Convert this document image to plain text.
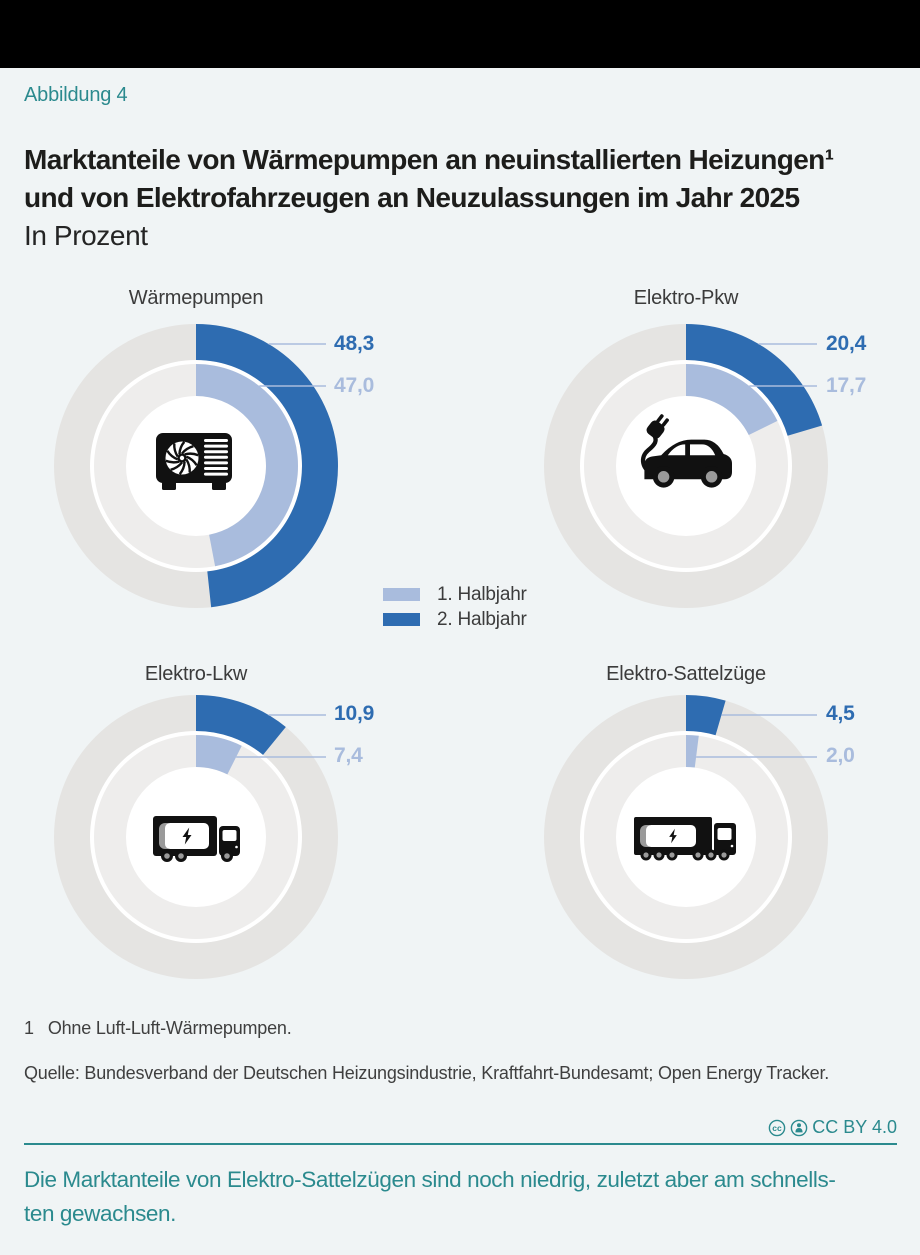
Abbildung 4
Marktanteile von Wärmepumpen an neuinstallierten Heizungen¹
und von Elektrofahrzeugen an Neuzulassungen im Jahr 2025
In Prozent
Wärmepumpen
48,3
47,0
Elektro-Pkw
20,4
17,7
Elektro-Lkw
10,9
7,4
Elektro-Sattelzüge
4,5
2,0
1. Halbjahr
2. Halbjahr
1 Ohne Luft-Luft-Wärmepumpen.
Quelle: Bundesverband der Deutschen Heizungsindustrie, Kraftfahrt-Bundesamt; Open Energy Tracker.
cc CC BY 4.0
Die Marktanteile von Elektro-Sattelzügen sind noch niedrig, zuletzt aber am schnells-
ten gewachsen.
